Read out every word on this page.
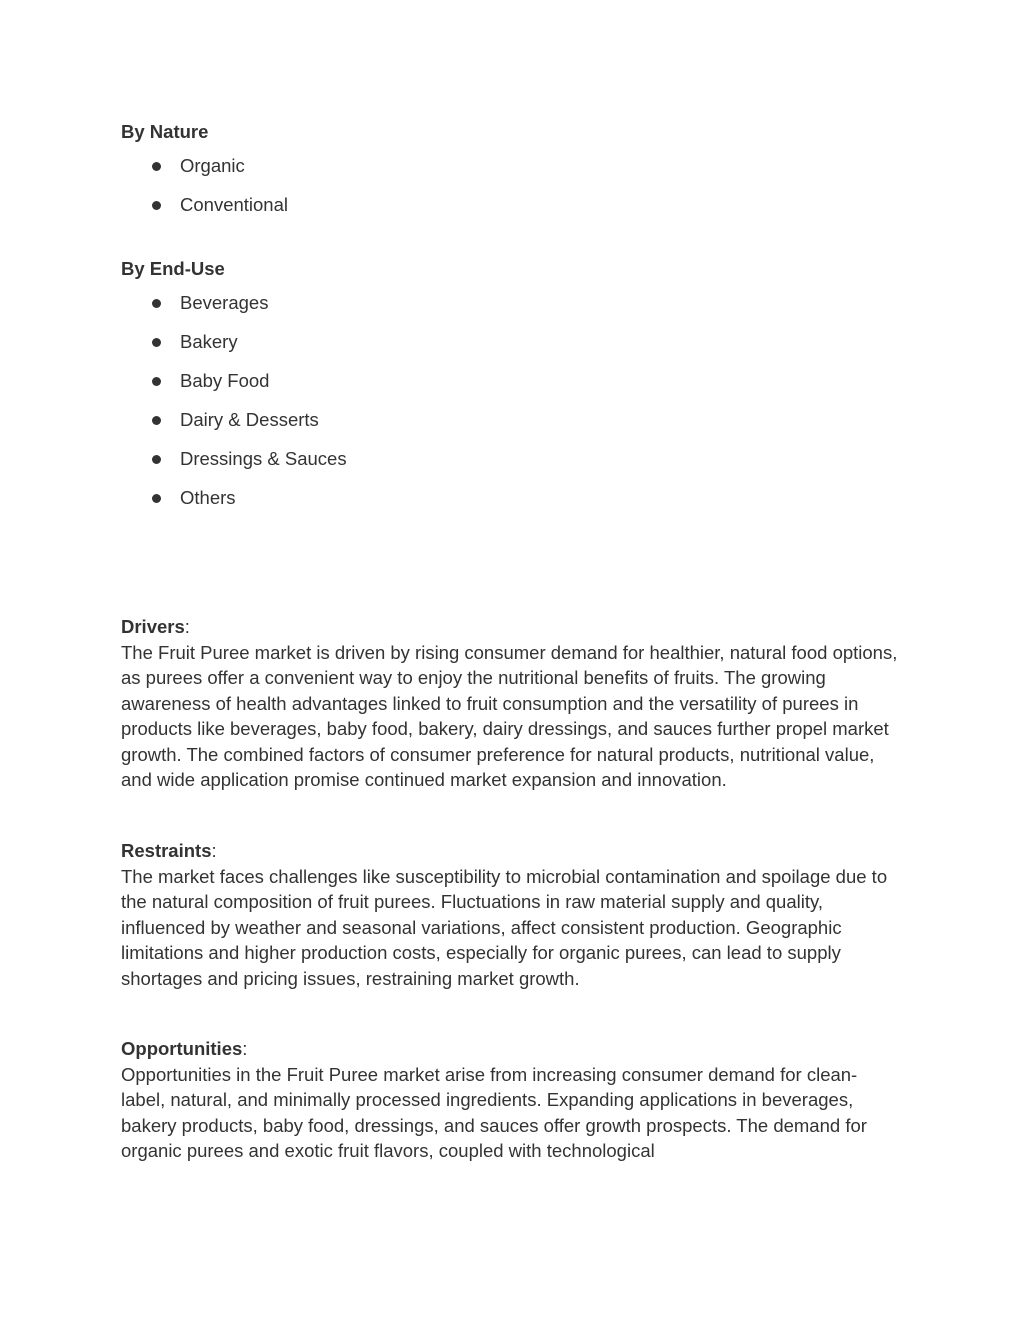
By Nature
Organic
Conventional
By End-Use
Beverages
Bakery
Baby Food
Dairy & Desserts
Dressings & Sauces
Others
Drivers:

The Fruit Puree market is driven by rising consumer demand for healthier, natural food options, as purees offer a convenient way to enjoy the nutritional benefits of fruits. The growing awareness of health advantages linked to fruit consumption and the versatility of purees in products like beverages, baby food, bakery, dairy dressings, and sauces further propel market growth. The combined factors of consumer preference for natural products, nutritional value, and wide application promise continued market expansion and innovation.

Restraints:

The market faces challenges like susceptibility to microbial contamination and spoilage due to the natural composition of fruit purees. Fluctuations in raw material supply and quality, influenced by weather and seasonal variations, affect consistent production. Geographic limitations and higher production costs, especially for organic purees, can lead to supply shortages and pricing issues, restraining market growth.

Opportunities:

Opportunities in the Fruit Puree market arise from increasing consumer demand for clean-label, natural, and minimally processed ingredients. Expanding applications in beverages, bakery products, baby food, dressings, and sauces offer growth prospects. The demand for organic purees and exotic fruit flavors, coupled with technological
